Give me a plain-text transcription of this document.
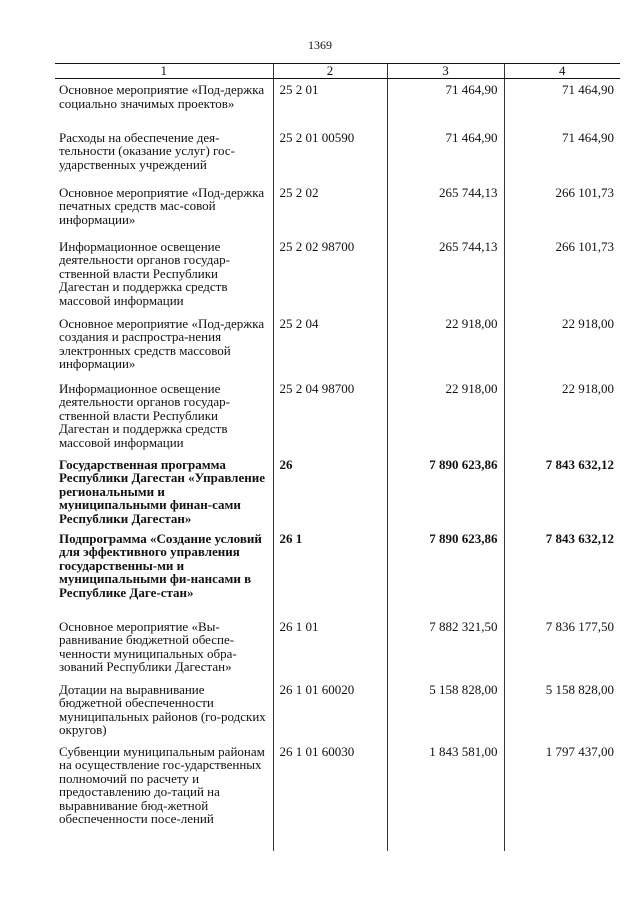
1369
1	2	3	4
Основное мероприятие «Под-держка социально значимых проектов»	25 2 01	71 464,90	71 464,90
Расходы на обеспечение дея-тельности (оказание услуг) гос-ударственных учреждений	25 2 01 00590	71 464,90	71 464,90
Основное мероприятие «Под-держка печатных средств мас-совой информации»	25 2 02	265 744,13	266 101,73
Информационное освещение деятельности органов государ-ственной власти Республики Дагестан и поддержка средств массовой информации	25 2 02 98700	265 744,13	266 101,73
Основное мероприятие «Под-держка создания и распростра-нения электронных средств массовой информации»	25 2 04	22 918,00	22 918,00
Информационное освещение деятельности органов государ-ственной власти Республики Дагестан и поддержка средств массовой информации	25 2 04 98700	22 918,00	22 918,00
Государственная программа Республики Дагестан «Управление региональными и муниципальными финан-сами Республики Дагестан»	26	7 890 623,86	7 843 632,12
Подпрограмма «Создание условий для эффективного управления государственны-ми и муниципальными фи-нансами в Республике Даге-стан»	26 1	7 890 623,86	7 843 632,12
Основное мероприятие «Вы-равнивание бюджетной обеспе-ченности муниципальных обра-зований Республики Дагестан»	26 1 01	7 882 321,50	7 836 177,50
Дотации на выравнивание бюджетной обеспеченности муниципальных районов (го-родских округов)	26 1 01 60020	5 158 828,00	5 158 828,00
Субвенции муниципальным районам на осуществление гос-ударственных полномочий по расчету и предоставлению до-таций на выравнивание бюд-жетной обеспеченности посе-лений	26 1 01 60030	1 843 581,00	1 797 437,00
